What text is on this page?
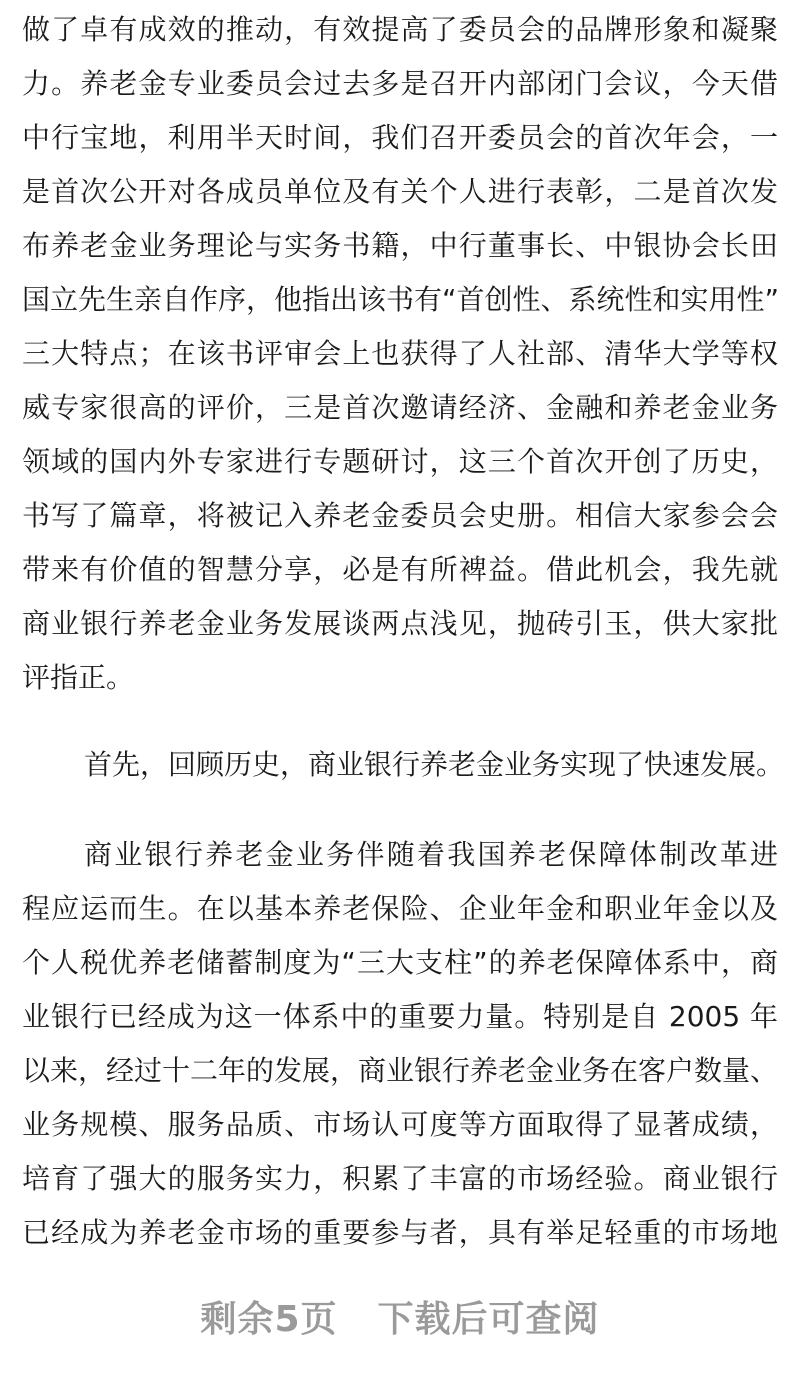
做了卓有成效的推动，有效提高了委员会的品牌形象和凝聚
力。养老金专业委员会过去多是召开内部闭门会议，今天借
中行宝地，利用半天时间，我们召开委员会的首次年会，一
是首次公开对各成员单位及有关个人进行表彰，二是首次发
布养老金业务理论与实务书籍，中行董事长、中银协会长田
国立先生亲自作序，他指出该书有“首创性、系统性和实用性”
三大特点；在该书评审会上也获得了人社部、清华大学等权
威专家很高的评价，三是首次邀请经济、金融和养老金业务
领域的国内外专家进行专题研讨，这三个首次开创了历史，
书写了篇章，将被记入养老金委员会史册。相信大家参会会
带来有价值的智慧分享，必是有所裨益。借此机会，我先就
商业银行养老金业务发展谈两点浅见，抛砖引玉，供大家批
评指正。
首先，回顾历史，商业银行养老金业务实现了快速发展。
商业银行养老金业务伴随着我国养老保障体制改革进
程应运而生。在以基本养老保险、企业年金和职业年金以及
个人税优养老储蓄制度为“三大支柱”的养老保障体系中，商
业银行已经成为这一体系中的重要力量。特别是自 2005 年
以来，经过十二年的发展，商业银行养老金业务在客户数量、
业务规模、服务品质、市场认可度等方面取得了显著成绩，
培育了强大的服务实力，积累了丰富的市场经验。商业银行
已经成为养老金市场的重要参与者，具有举足轻重的市场地
剩余5页 下载后可查阅
